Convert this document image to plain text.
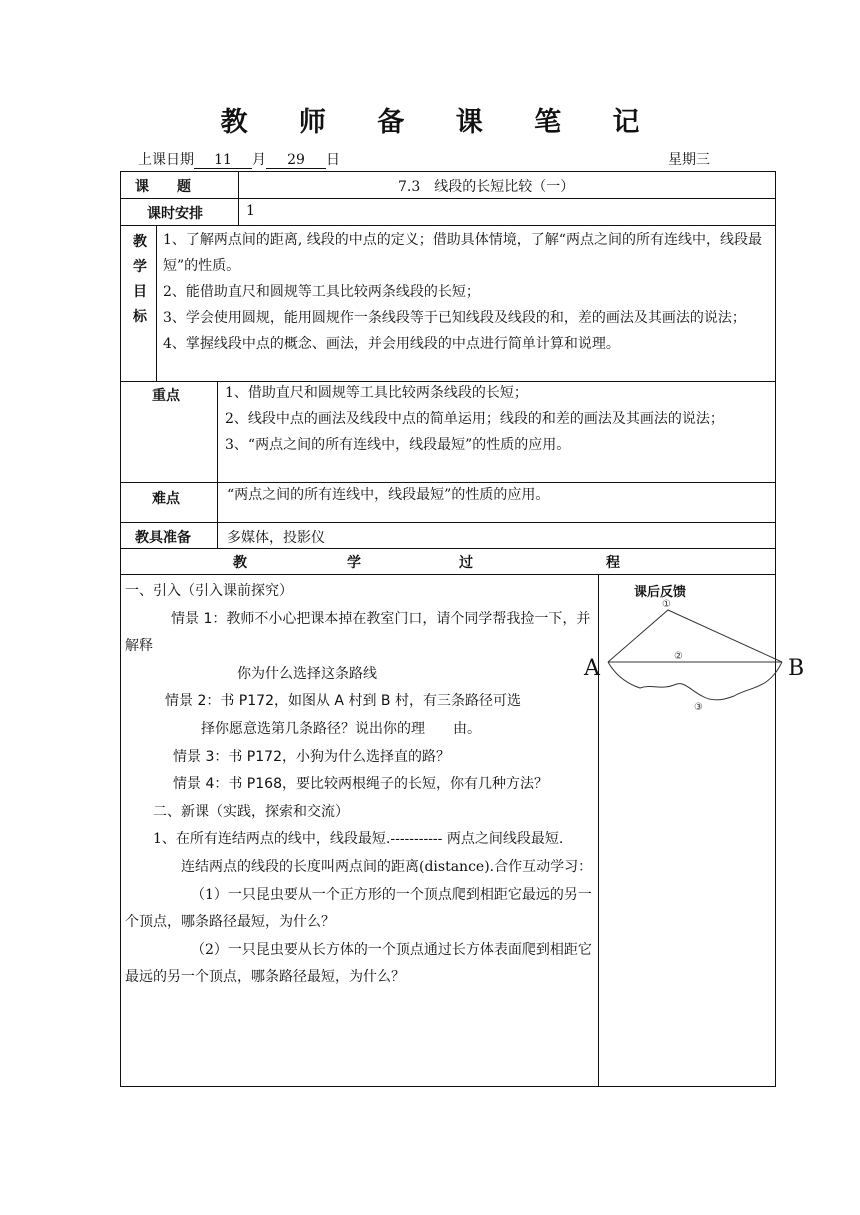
教 师 备 课 笔 记
上课日期 11 月 29 日	星期三
课　　题	7.3　线段的长短比较（一）
课时安排	1
教
学
目
标

1、了解两点间的距离, 线段的中点的定义；借助具体情境，了解“两点之间的所有连线中，线段最短”的性质。

2、能借助直尺和圆规等工具比较两条线段的长短；

3、学会使用圆规，能用圆规作一条线段等于已知线段及线段的和，差的画法及其画法的说法；

4、掌握线段中点的概念、画法，并会用线段的中点进行简单计算和说理。

重点	1、借助直尺和圆规等工具比较两条线段的长短；

2、线段中点的画法及线段中点的简单运用；线段的和差的画法及其画法的说法；

3、“两点之间的所有连线中，线段最短”的性质的应用。

难点	“两点之间的所有连线中，线段最短”的性质的应用。
教具准备	多媒体，投影仪
教	学	过	程

一、引入（引入课前探究）

情景 1：教师不小心把课本掉在教室门口，请个同学帮我捡一下，并解释

你为什么选择这条路线

情景 2：书 P172，如图从 A 村到 B 村，有三条路径可选

择你愿意选第几条路径？说出你的理　　由。

情景 3：书 P172，小狗为什么选择直的路？

情景 4：书 P168，要比较两根绳子的长短，你有几种方法？

二、新课（实践，探索和交流）

1、在所有连结两点的线中，线段最短.----------- 两点之间线段最短.

连结两点的线段的长度叫两点间的距离(distance).合作互动学习：

（1）一只昆虫要从一个正方形的一个顶点爬到相距它最远的另一个顶点，哪条路径最短，为什么？

（2）一只昆虫要从长方体的一个顶点通过长方体表面爬到相距它最远的另一个顶点，哪条路径最短，为什么？

课后反馈
A	B
①
②
③
